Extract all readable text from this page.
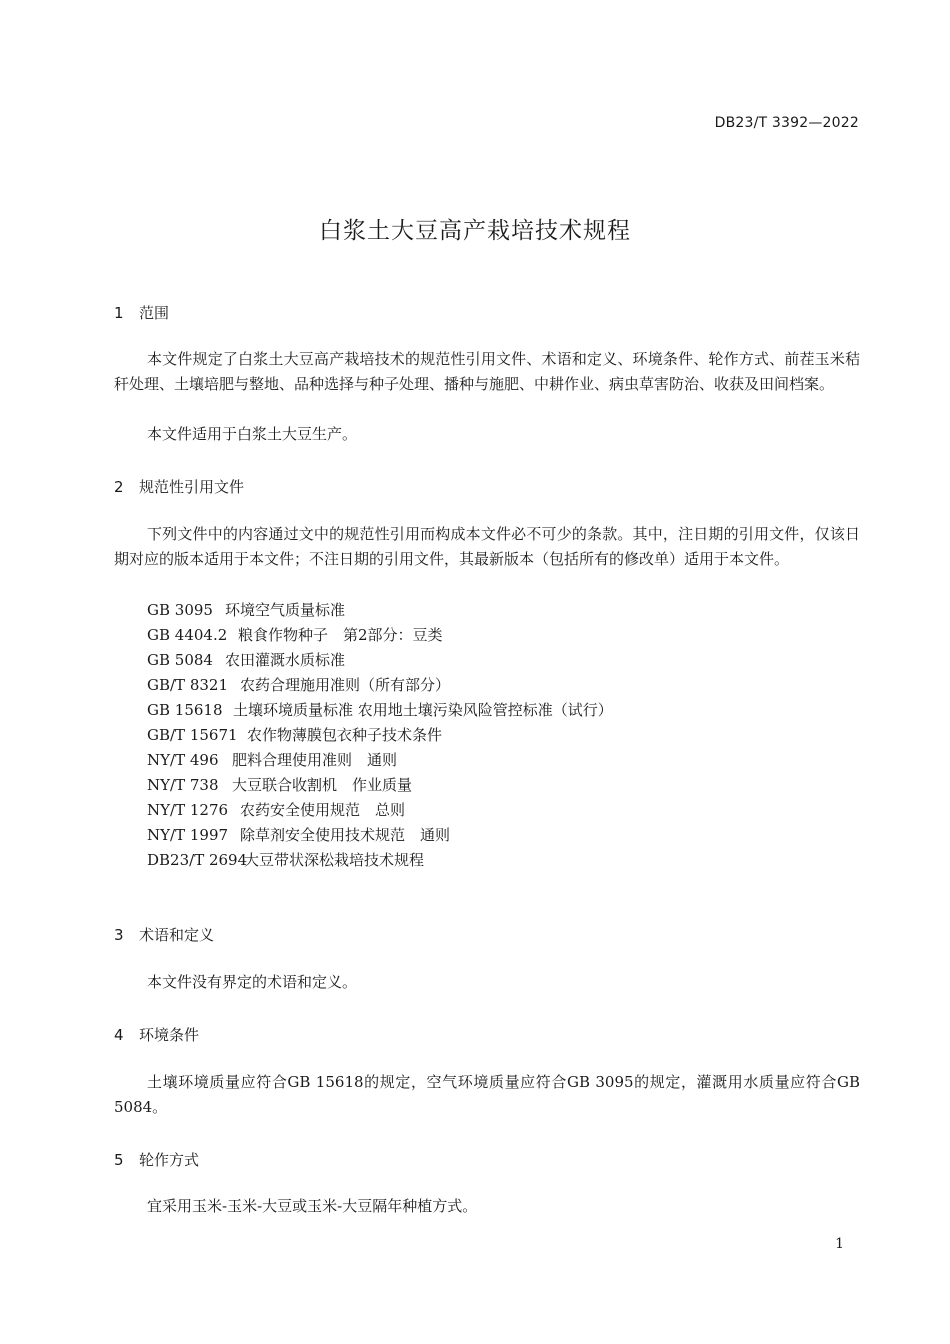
DB23/T 3392—2022
白浆土大豆高产栽培技术规程
1 范围

本文件规定了白浆土大豆高产栽培技术的规范性引用文件、术语和定义、环境条件、轮作方式、前茬玉米秸秆处理、土壤培肥与整地、品种选择与种子处理、播种与施肥、中耕作业、病虫草害防治、收获及田间档案。

本文件适用于白浆土大豆生产。

2 规范性引用文件

下列文件中的内容通过文中的规范性引用而构成本文件必不可少的条款。其中，注日期的引用文件，仅该日期对应的版本适用于本文件；不注日期的引用文件，其最新版本（包括所有的修改单）适用于本文件。

GB 3095 环境空气质量标准
GB 4404.2 粮食作物种子　第2部分：豆类
GB 5084 农田灌溉水质标准
GB/T 8321 农药合理施用准则（所有部分）
GB 15618 土壤环境质量标准 农用地土壤污染风险管控标准（试行）
GB/T 15671 农作物薄膜包衣种子技术条件
NY/T 496 肥料合理使用准则　通则
NY/T 738 大豆联合收割机　作业质量
NY/T 1276 农药安全使用规范　总则
NY/T 1997 除草剂安全使用技术规范　通则
DB23/T 2694大豆带状深松栽培技术规程
3 术语和定义

本文件没有界定的术语和定义。

4 环境条件

土壤环境质量应符合GB 15618的规定，空气环境质量应符合GB 3095的规定，灌溉用水质量应符合GB 5084。

5 轮作方式

宜采用玉米-玉米-大豆或玉米-大豆隔年种植方式。

1
